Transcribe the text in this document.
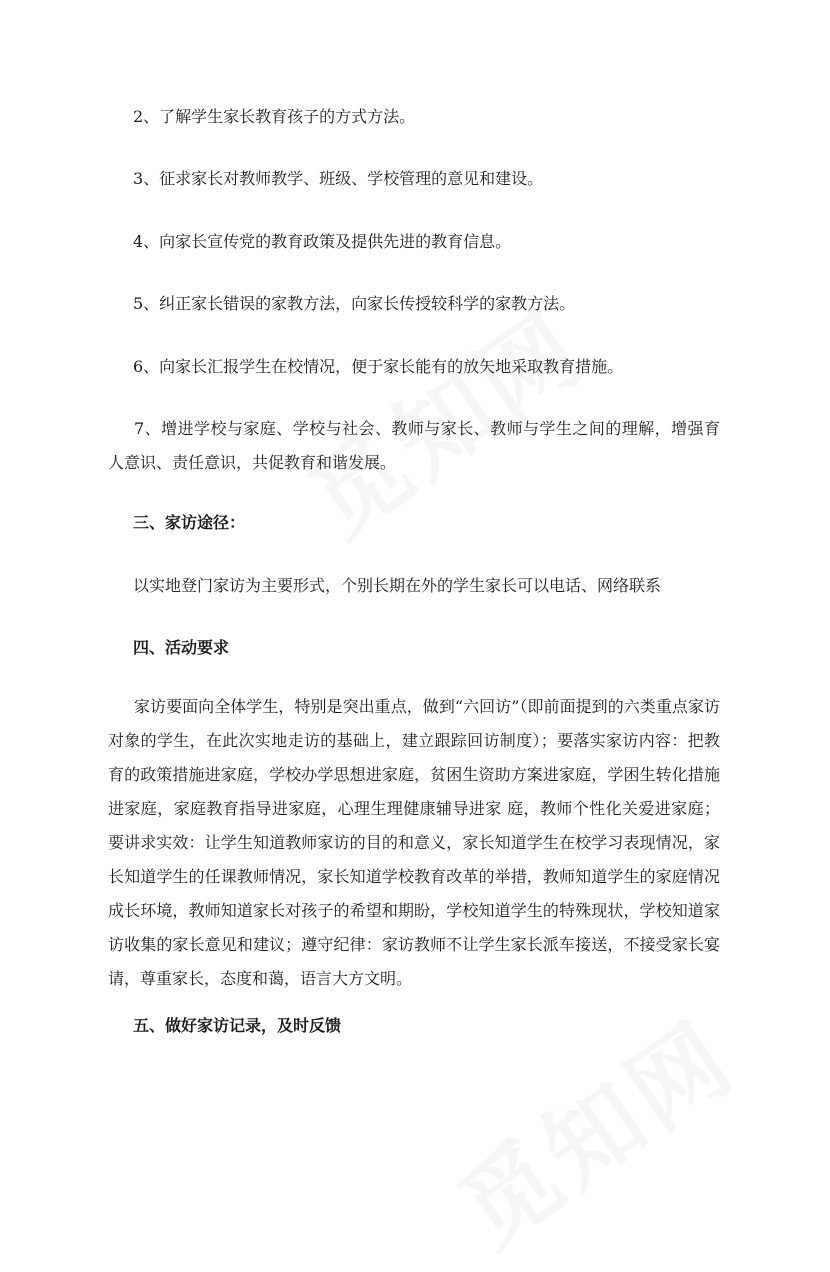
2、了解学生家长教育孩子的方式方法。
3、征求家长对教师教学、班级、学校管理的意见和建设。
4、向家长宣传党的教育政策及提供先进的教育信息。
5、纠正家长错误的家教方法，向家长传授较科学的家教方法。
6、向家长汇报学生在校情况，便于家长能有的放矢地采取教育措施。
7、增进学校与家庭、学校与社会、教师与家长、教师与学生之间的理解，增强育人意识、责任意识，共促教育和谐发展。
三、家访途径：
以实地登门家访为主要形式，个别长期在外的学生家长可以电话、网络联系
四、活动要求
家访要面向全体学生，特别是突出重点，做到“六回访”（即前面提到的六类重点家访对象的学生，在此次实地走访的基础上，建立跟踪回访制度）；要落实家访内容：把教育的政策措施进家庭，学校办学思想进家庭，贫困生资助方案进家庭，学困生转化措施进家庭，家庭教育指导进家庭，心理生理健康辅导进家 庭，教师个性化关爱进家庭；要讲求实效：让学生知道教师家访的目的和意义，家长知道学生在校学习表现情况，家长知道学生的任课教师情况，家长知道学校教育改革的举措，教师知道学生的家庭情况成长环境，教师知道家长对孩子的希望和期盼，学校知道学生的特殊现状，学校知道家访收集的家长意见和建议；遵守纪律：家访教师不让学生家长派车接送，不接受家长宴请，尊重家长，态度和蔼，语言大方文明。
五、做好家访记录，及时反馈
